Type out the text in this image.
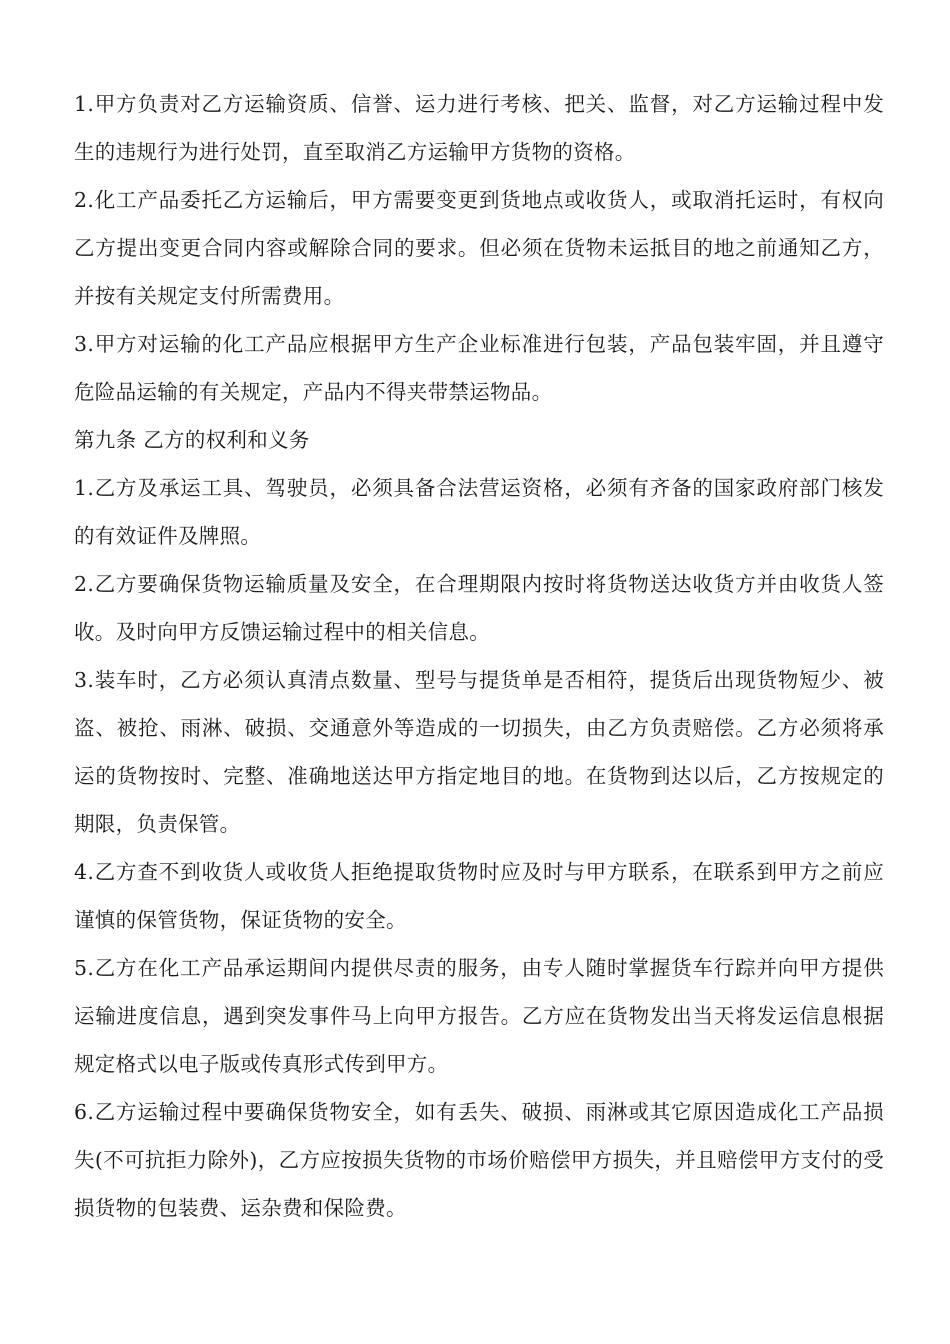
1.甲方负责对乙方运输资质、信誉、运力进行考核、把关、监督，对乙方运输过程中发生的违规行为进行处罚，直至取消乙方运输甲方货物的资格。

2.化工产品委托乙方运输后，甲方需要变更到货地点或收货人，或取消托运时，有权向乙方提出变更合同内容或解除合同的要求。但必须在货物未运抵目的地之前通知乙方，并按有关规定支付所需费用。

3.甲方对运输的化工产品应根据甲方生产企业标准进行包装，产品包装牢固，并且遵守危险品运输的有关规定，产品内不得夹带禁运物品。

第九条 乙方的权利和义务

1.乙方及承运工具、驾驶员，必须具备合法营运资格，必须有齐备的国家政府部门核发的有效证件及牌照。

2.乙方要确保货物运输质量及安全，在合理期限内按时将货物送达收货方并由收货人签收。及时向甲方反馈运输过程中的相关信息。

3.装车时，乙方必须认真清点数量、型号与提货单是否相符，提货后出现货物短少、被盗、被抢、雨淋、破损、交通意外等造成的一切损失，由乙方负责赔偿。乙方必须将承运的货物按时、完整、准确地送达甲方指定地目的地。在货物到达以后，乙方按规定的期限，负责保管。

4.乙方查不到收货人或收货人拒绝提取货物时应及时与甲方联系，在联系到甲方之前应谨慎的保管货物，保证货物的安全。

5.乙方在化工产品承运期间内提供尽责的服务，由专人随时掌握货车行踪并向甲方提供运输进度信息，遇到突发事件马上向甲方报告。乙方应在货物发出当天将发运信息根据规定格式以电子版或传真形式传到甲方。

6.乙方运输过程中要确保货物安全，如有丢失、破损、雨淋或其它原因造成化工产品损失(不可抗拒力除外)，乙方应按损失货物的市场价赔偿甲方损失，并且赔偿甲方支付的受损货物的包装费、运杂费和保险费。
